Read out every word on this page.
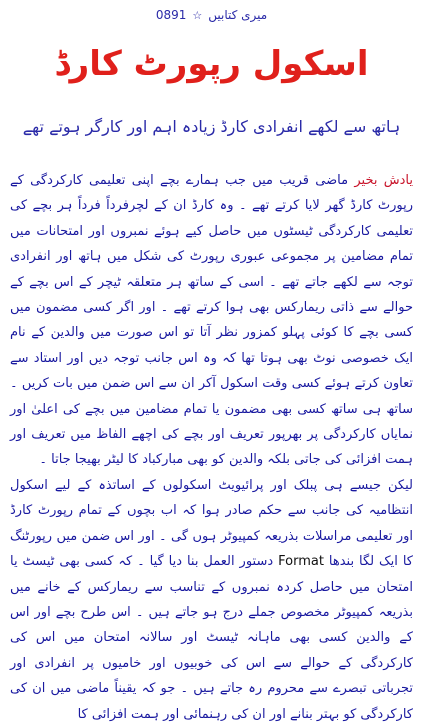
میری کتابیں
☆
0891
اسکول رپورٹ کارڈ
ہاتھ سے لکھے انفرادی کارڈ زیادہ اہم اور کارگر ہوتے تھے

یادش بخیر ماضی قریب میں جب ہمارے بچے اپنی تعلیمی کارکردگی کے رپورٹ کارڈ گھر لایا کرتے تھے ۔ وہ کارڈ ان کے لچرفرداً فرداً ہر بچے کی تعلیمی کارکردگی ٹیسٹوں میں حاصل کیے ہوئے نمبروں اور امتحانات میں تمام مضامین پر مجموعی عبوری رپورٹ کی شکل میں ہاتھ اور انفرادی توجہ سے لکھے جاتے تھے ۔ اسی کے ساتھ ہر متعلقہ ٹیچر کے اس بچے کے حوالے سے ذاتی ریمارکس بھی ہوا کرتے تھے ۔ اور اگر کسی مضمون میں کسی بچے کا کوئی پہلو کمزور نظر آتا تو اس صورت میں والدین کے نام ایک خصوصی نوٹ بھی ہوتا تھا کہ وہ اس جانب توجہ دیں اور استاد سے تعاون کرتے ہوئے کسی وقت اسکول آکر ان سے اس ضمن میں بات کریں ۔ ساتھ ہی ساتھ کسی بھی مضمون یا تمام مضامین میں بچے کی اعلیٰ اور نمایاں کارکردگی پر بھرپور تعریف اور بچے کی اچھے الفاظ میں تعریف اور ہمت افزائی کی جاتی بلکہ والدین کو بھی مبارکباد کا لیٹر بھیجا جاتا ۔

لیکن جیسے ہی پبلک اور پرائیویٹ اسکولوں کے اساتذہ کے لیے اسکول انتظامیہ کی جانب سے حکم صادر ہوا کہ اب بچوں کے تمام رپورٹ کارڈ اور تعلیمی مراسلات بذریعہ کمپیوٹر ہوں گی ۔ اور اس ضمن میں رپورٹنگ کا ایک لگا بندھا Format دستور العمل بنا دیا گیا ۔ کہ کسی بھی ٹیسٹ یا امتحان میں حاصل کردہ نمبروں کے تناسب سے ریمارکس کے خانے میں بذریعہ کمپیوٹر مخصوص جملے درج ہو جاتے ہیں ۔ اس طرح بچے اور اس کے والدین کسی بھی ماہانہ ٹیسٹ اور سالانہ امتحان میں اس کی کارکردگی کے حوالے سے اس کی خوبیوں اور خامیوں پر انفرادی اور تجرباتی تبصرے سے محروم رہ جاتے ہیں ۔ جو کہ یقیناً ماضی میں ان کی کارکردگی کو بہتر بنانے اور ان کی رہنمائی اور ہمت افزائی کا
